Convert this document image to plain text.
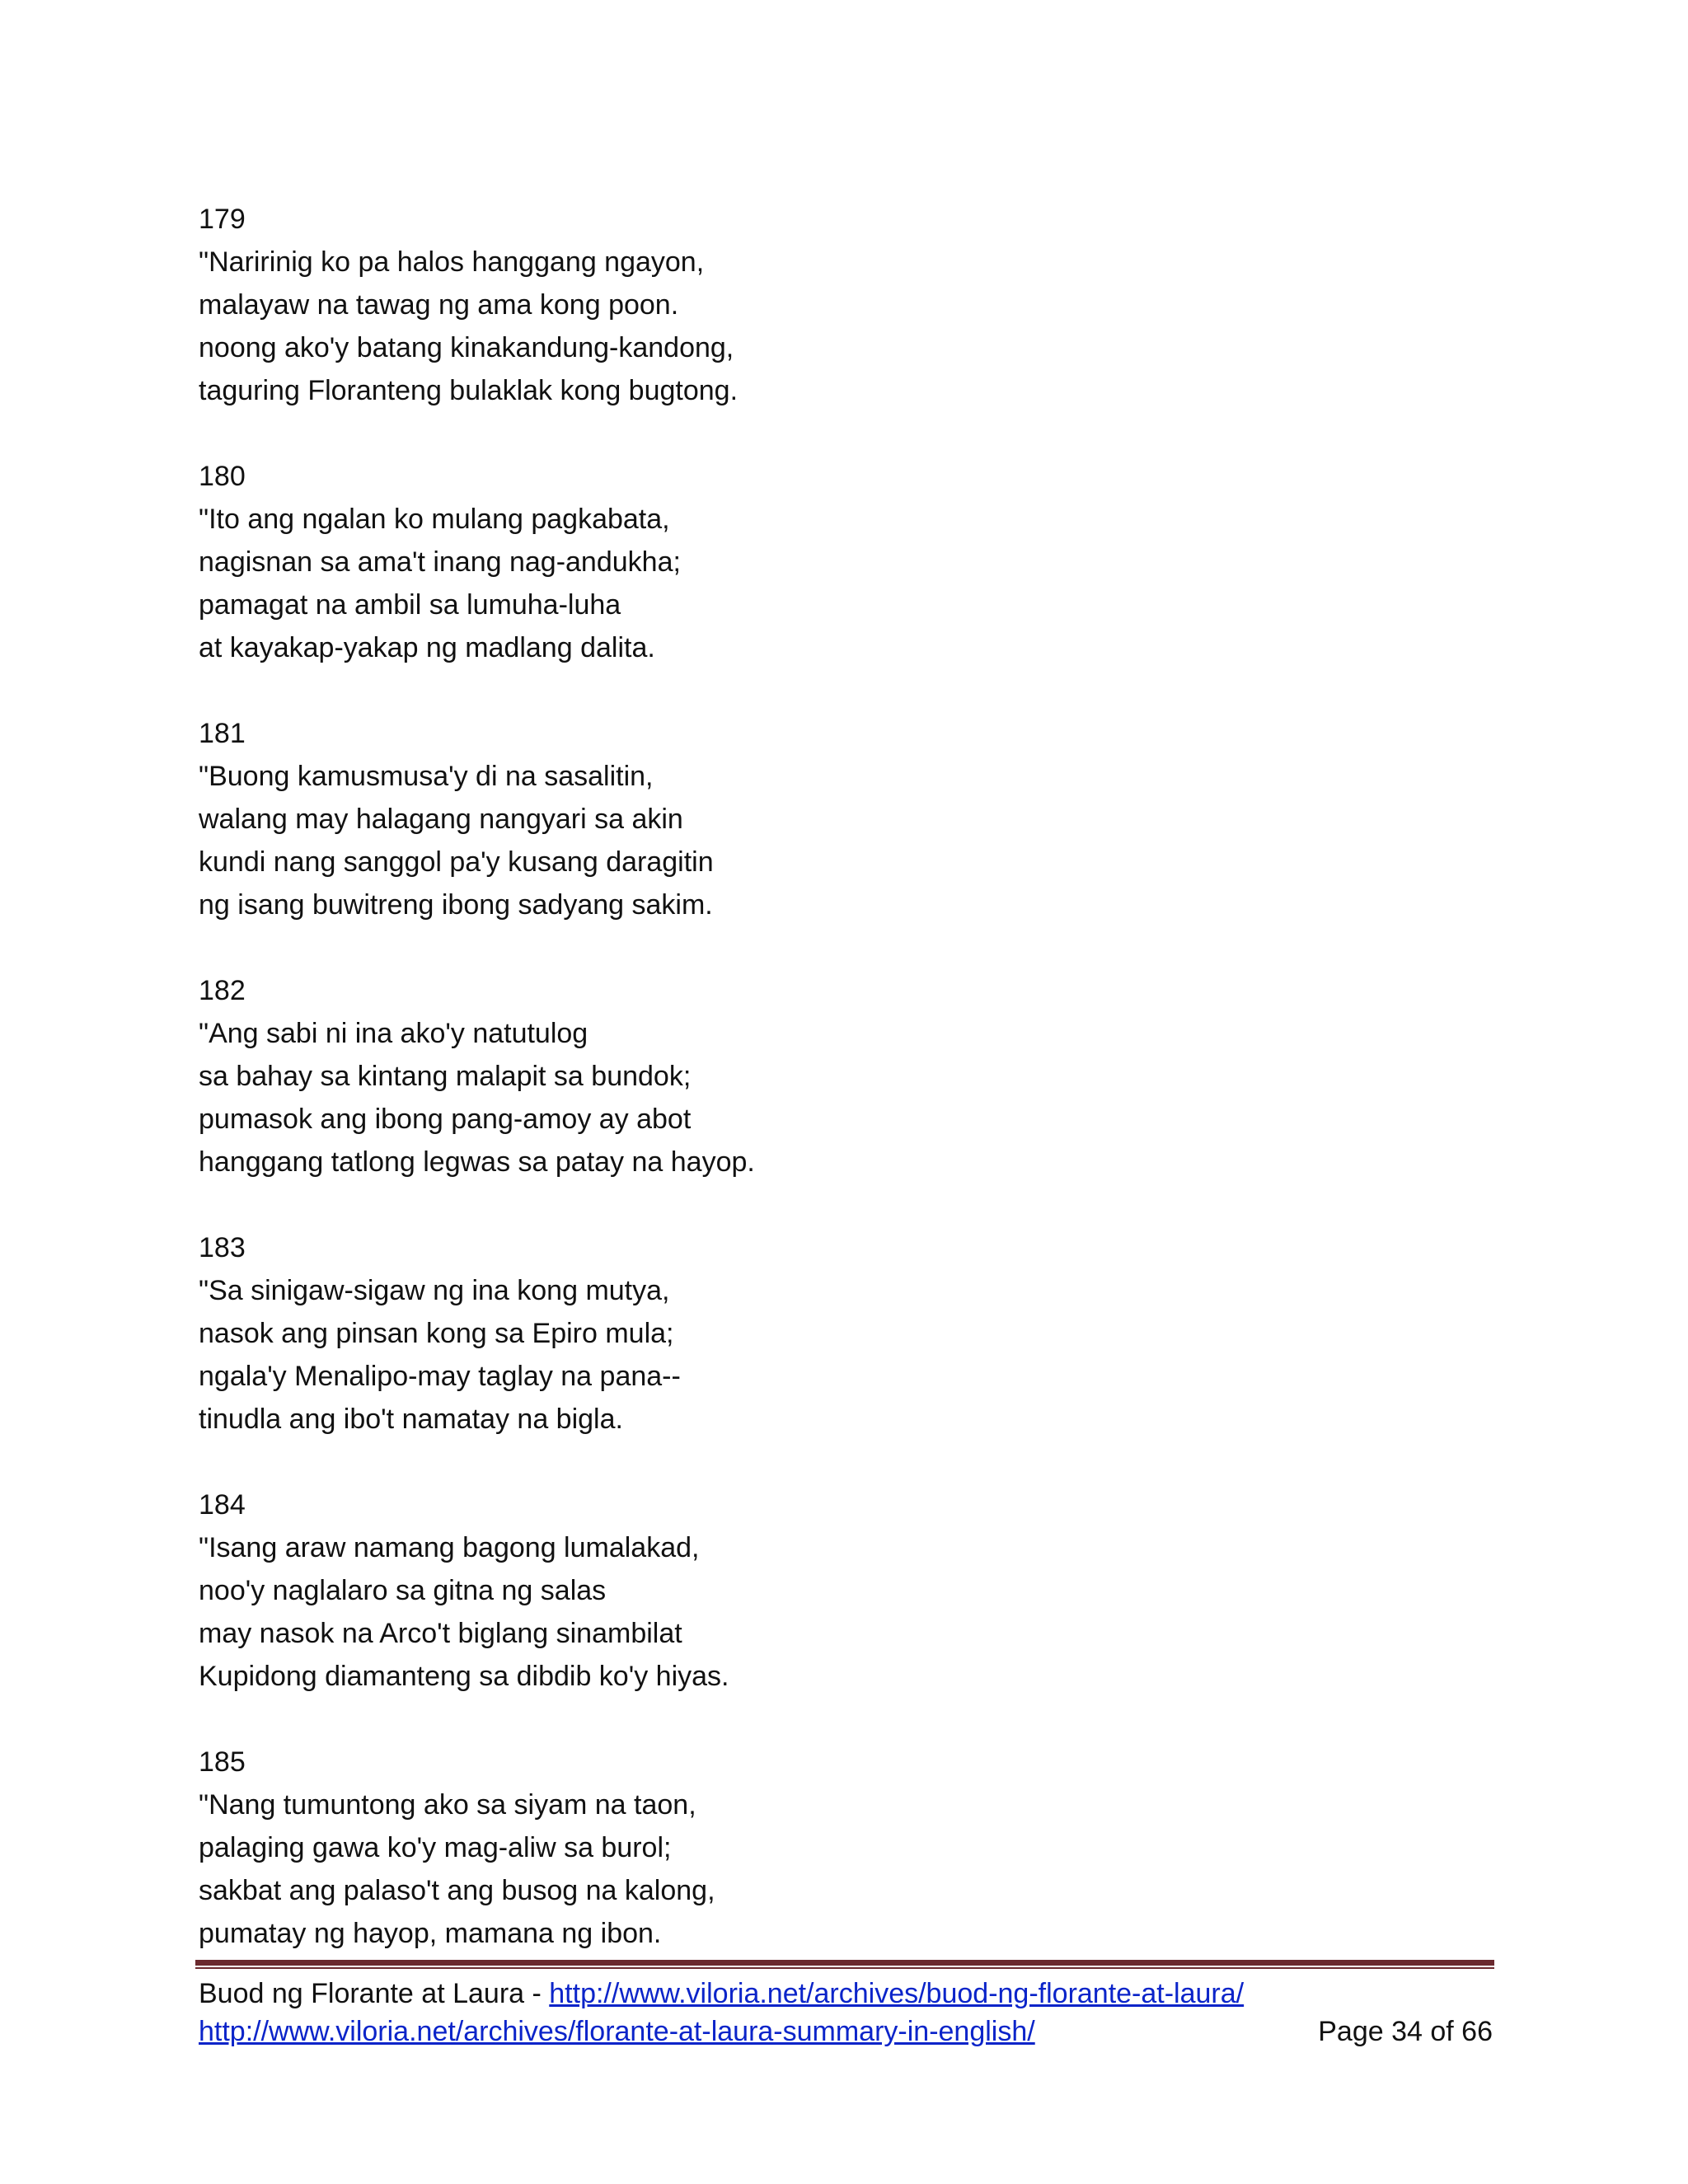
179
"Naririnig ko pa halos hanggang ngayon,
malayaw na tawag ng ama kong poon.
noong ako'y batang kinakandung-kandong,
taguring Floranteng bulaklak kong bugtong.
180
"Ito ang ngalan ko mulang pagkabata,
nagisnan sa ama't inang nag-andukha;
pamagat na ambil sa lumuha-luha
at kayakap-yakap ng madlang dalita.
181
"Buong kamusmusa'y di na sasalitin,
walang may halagang nangyari sa akin
kundi nang sanggol pa'y kusang daragitin
ng isang buwitreng ibong sadyang sakim.
182
"Ang sabi ni ina ako'y natutulog
sa bahay sa kintang malapit sa bundok;
pumasok ang ibong pang-amoy ay abot
hanggang tatlong legwas sa patay na hayop.
183
"Sa sinigaw-sigaw ng ina kong mutya,
nasok ang pinsan kong sa Epiro mula;
ngala'y Menalipo-may taglay na pana--
tinudla ang ibo't namatay na bigla.
184
"Isang araw namang bagong lumalakad,
noo'y naglalaro sa gitna ng salas
may nasok na Arco't biglang sinambilat
Kupidong diamanteng sa dibdib ko'y hiyas.
185
"Nang tumuntong ako sa siyam na taon,
palaging gawa ko'y mag-aliw sa burol;
sakbat ang palaso't ang busog na kalong,
pumatay ng hayop, mamana ng ibon.
Buod ng Florante at Laura - http://www.viloria.net/archives/buod-ng-florante-at-laura/
http://www.viloria.net/archives/florante-at-laura-summary-in-english/	Page 34 of 66
